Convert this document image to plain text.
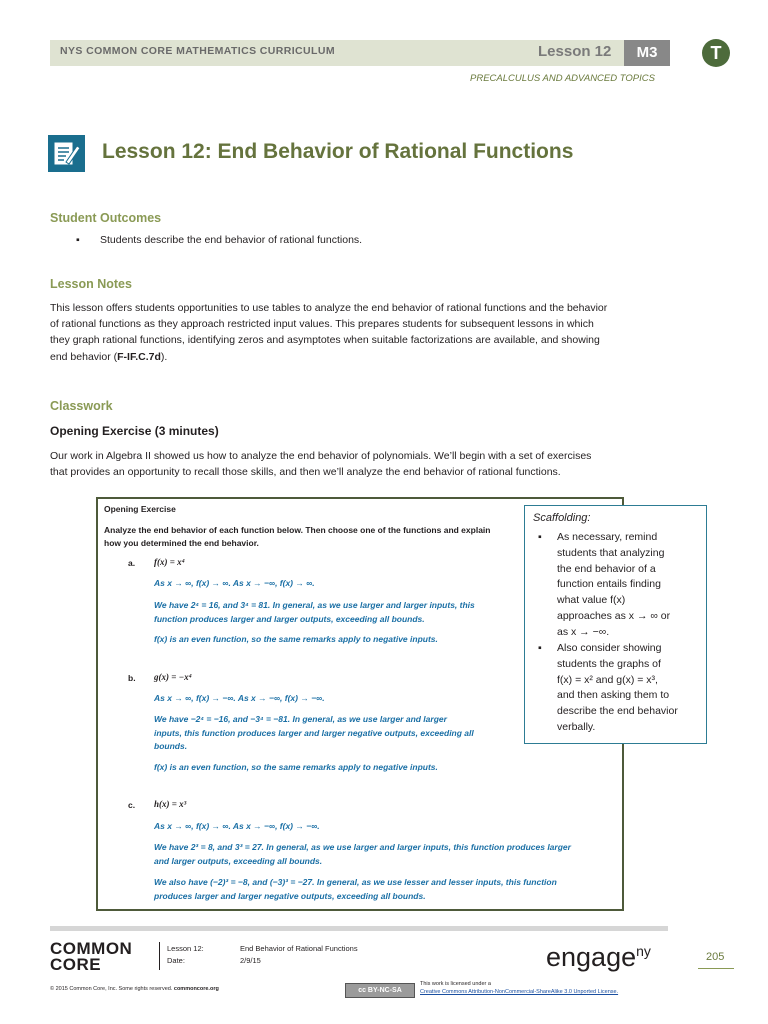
NYS COMMON CORE MATHEMATICS CURRICULUM	Lesson 12	M3	T
PRECALCULUS AND ADVANCED TOPICS
Lesson 12: End Behavior of Rational Functions
Student Outcomes
▪ Students describe the end behavior of rational functions.
Lesson Notes
This lesson offers students opportunities to use tables to analyze the end behavior of rational functions and the behavior
of rational functions as they approach restricted input values. This prepares students for subsequent lessons in which
they graph rational functions, identifying zeros and asymptotes when suitable factorizations are available, and showing
end behavior (F-IF.C.7d).
Classwork
Opening Exercise (3 minutes)
Our work in Algebra II showed us how to analyze the end behavior of polynomials. We’ll begin with a set of exercises
that provides an opportunity to recall those skills, and then we’ll analyze the end behavior of rational functions.
Opening Exercise
Analyze the end behavior of each function below. Then choose one of the functions and explain
how you determined the end behavior.
a. f(x) = x⁴
As x → ∞, f(x) → ∞. As x → −∞, f(x) → ∞.
We have 2⁴ = 16, and 3⁴ = 81. In general, as we use larger and larger inputs, this
function produces larger and larger outputs, exceeding all bounds.
f(x) is an even function, so the same remarks apply to negative inputs.
b. g(x) = −x⁴
As x → ∞, f(x) → −∞. As x → −∞, f(x) → −∞.
We have −2⁴ = −16, and −3⁴ = −81. In general, as we use larger and larger
inputs, this function produces larger and larger negative outputs, exceeding all
bounds.
f(x) is an even function, so the same remarks apply to negative inputs.
c. h(x) = x³
As x → ∞, f(x) → ∞. As x → −∞, f(x) → −∞.
We have 2³ = 8, and 3³ = 27. In general, as we use larger and larger inputs, this function produces larger
and larger outputs, exceeding all bounds.
We also have (−2)³ = −8, and (−3)³ = −27. In general, as we use lesser and lesser inputs, this function
produces larger and larger negative outputs, exceeding all bounds.
Scaffolding:
▪ As necessary, remind
students that analyzing
the end behavior of a
function entails finding
what value f(x)
approaches as x → ∞ or
as x → −∞.
▪ Also consider showing
students the graphs of
f(x) = x² and g(x) = x³,
and then asking them to
describe the end behavior
verbally.
COMMON
CORE
Lesson 12:	End Behavior of Rational Functions
Date:	2/9/15	engage$^{ny}$	205
© 2015 Common Core, Inc. Some rights reserved. commoncore.org	cc BY-NC-SA
This work is licensed under a
Creative Commons Attribution-NonCommercial-ShareAlike 3.0 Unported License.
